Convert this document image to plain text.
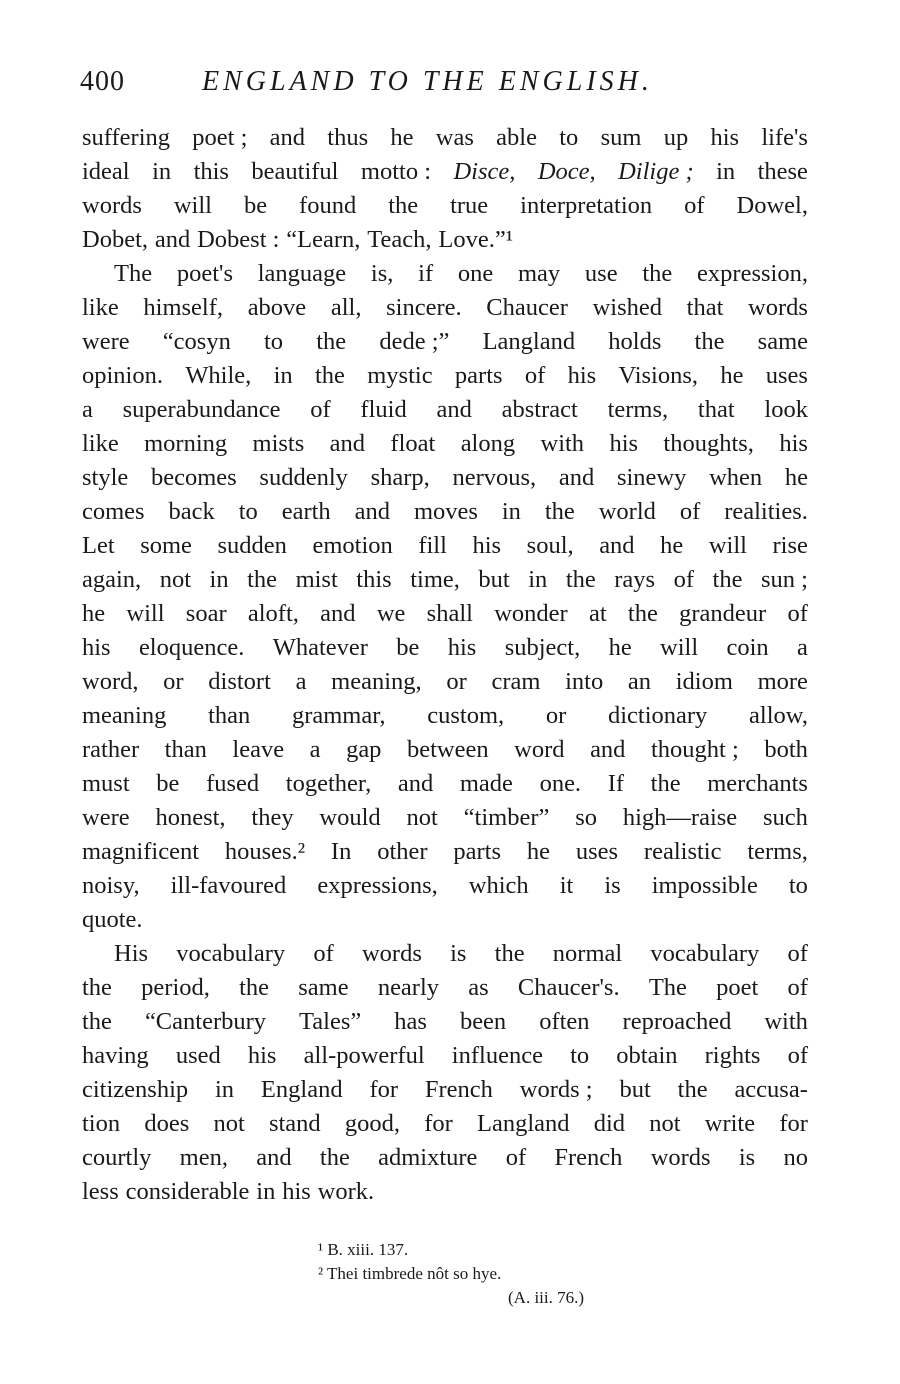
400	ENGLAND TO THE ENGLISH.
suffering poet ; and thus he was able to sum up his life's
ideal in this beautiful motto : Disce, Doce, Dilige ; in these
words will be found the true interpretation of Dowel,
Dobet, and Dobest : “Learn, Teach, Love.”¹
The poet's language is, if one may use the expression,
like himself, above all, sincere. Chaucer wished that words
were “cosyn to the dede ;” Langland holds the same
opinion. While, in the mystic parts of his Visions, he uses
a superabundance of fluid and abstract terms, that look
like morning mists and float along with his thoughts, his
style becomes suddenly sharp, nervous, and sinewy when he
comes back to earth and moves in the world of realities.
Let some sudden emotion fill his soul, and he will rise
again, not in the mist this time, but in the rays of the sun ;
he will soar aloft, and we shall wonder at the grandeur of
his eloquence. Whatever be his subject, he will coin a
word, or distort a meaning, or cram into an idiom more
meaning than grammar, custom, or dictionary allow,
rather than leave a gap between word and thought ; both
must be fused together, and made one. If the merchants
were honest, they would not “timber” so high—raise such
magnificent houses.² In other parts he uses realistic terms,
noisy, ill-favoured expressions, which it is impossible to
quote.
His vocabulary of words is the normal vocabulary of
the period, the same nearly as Chaucer's. The poet of
the “Canterbury Tales” has been often reproached with
having used his all-powerful influence to obtain rights of
citizenship in England for French words ; but the accusa-
tion does not stand good, for Langland did not write for
courtly men, and the admixture of French words is no
less considerable in his work.
¹ B. xiii. 137.
² Thei timbrede nôt so hye.
(A. iii. 76.)
